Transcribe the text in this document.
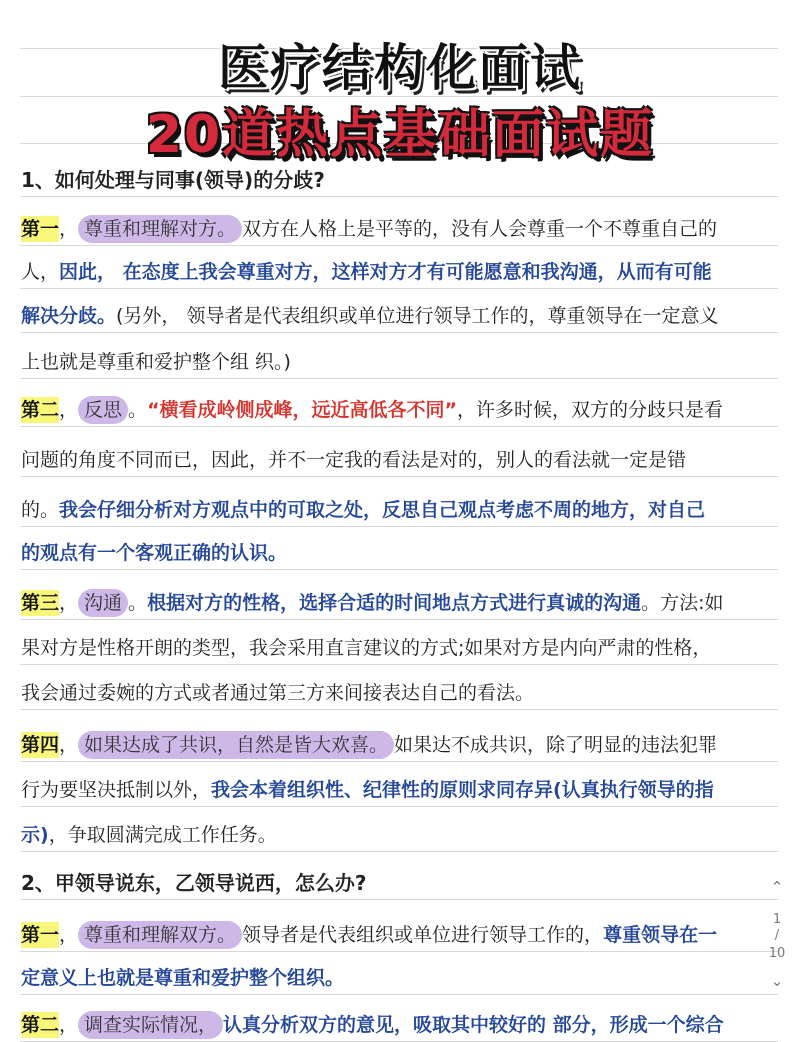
医疗结构化面试
20道热点基础面试题
1、如何处理与同事(领导)的分歧?
第一， 尊重和理解对方。 双方在人格上是平等的，没有人会尊重一个不尊重自己的
人，因此， 在态度上我会尊重对方，这样对方才有可能愿意和我沟通，从而有可能
解决分歧。(另外， 领导者是代表组织或单位进行领导工作的，尊重领导在一定意义
上也就是尊重和爱护整个组 织。)
第二， 反思 。“横看成岭侧成峰，远近高低各不同”，许多时候，双方的分歧只是看
问题的角度不同而已，因此，并不一定我的看法是对的，别人的看法就一定是错
的。我会仔细分析对方观点中的可取之处，反思自己观点考虑不周的地方，对自己
的观点有一个客观正确的认识。
第三， 沟通 。根据对方的性格，选择合适的时间地点方式进行真诚的沟通。方法:如
果对方是性格开朗的类型，我会采用直言建议的方式;如果对方是内向严肃的性格，
我会通过委婉的方式或者通过第三方来间接表达自己的看法。
第四， 如果达成了共识，自然是皆大欢喜。 如果达不成共识，除了明显的违法犯罪
行为要坚决抵制以外，我会本着组织性、纪律性的原则求同存异(认真执行领导的指
示)，争取圆满完成工作任务。
2、甲领导说东，乙领导说西，怎么办?
第一， 尊重和理解双方。 领导者是代表组织或单位进行领导工作的，尊重领导在一
定意义上也就是尊重和爱护整个组织。
第二， 调查实际情况， 认真分析双方的意见，吸取其中较好的 部分，形成一个综合
⌃
1
/
10
⌄
